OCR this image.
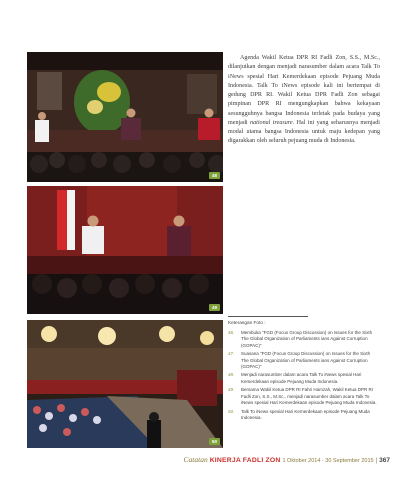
48
49
50

Agenda Wakil Ketua DPR RI Fadli Zon, S.S., M.Sc., dilanjutkan dengan menjadi narasumber dalam acara Talk To iNews spesial Hari Kemerdekaan episode Pejuang Muda Indonesia. Talk To iNews episode kali ini bertempat di gedung DPR RI. Wakil Ketua DPR Fadli Zon sebagai pimpinan DPR RI mengungkapkan bahwa kekayaan sesungguhnya bangsa Indonesia terletak pada budaya yang menjadi national treasure. Hal ini yang seharusnya menjadi modal utama bangsa Indonesia untuk maju kedepan yang digarakkan oleh seluruh pejuang muda di Indonesia.

Keterangan Foto :

46.	Membuka "FGD (Focus Group Discussion) on Issues for the Sixth The Global Organization of Parliaments ians Against Corruption (GOPAC)"
47.	Suasana "FGD (Focus Group Discussion) on Issues for the Sixth The Global Organization of Parliaments ians Against Corruption (GOPAC)"
48.	Menjadi narasumber dalam acara Talk To iNews spesial Hari Kemerdekaan episode Pejuang Muda Indonesia.
49.	Bersama Wakil Ketua DPR RI Fahri Hamzah, Wakil Ketua DPR RI Fadli Zon, S.S., M.Sc., menjadi narasumber dalam acara Talk To iNews spesial Hari Kemerdekaan episode Pejuang Muda Indonesia.
50.	Talk To iNews spesial Hari Kemerdekaan episode Pejuang Muda Indonesia.
Catatan KINERJA FADLI ZON 1 Oktober 2014 - 30 September 2015 | 367
